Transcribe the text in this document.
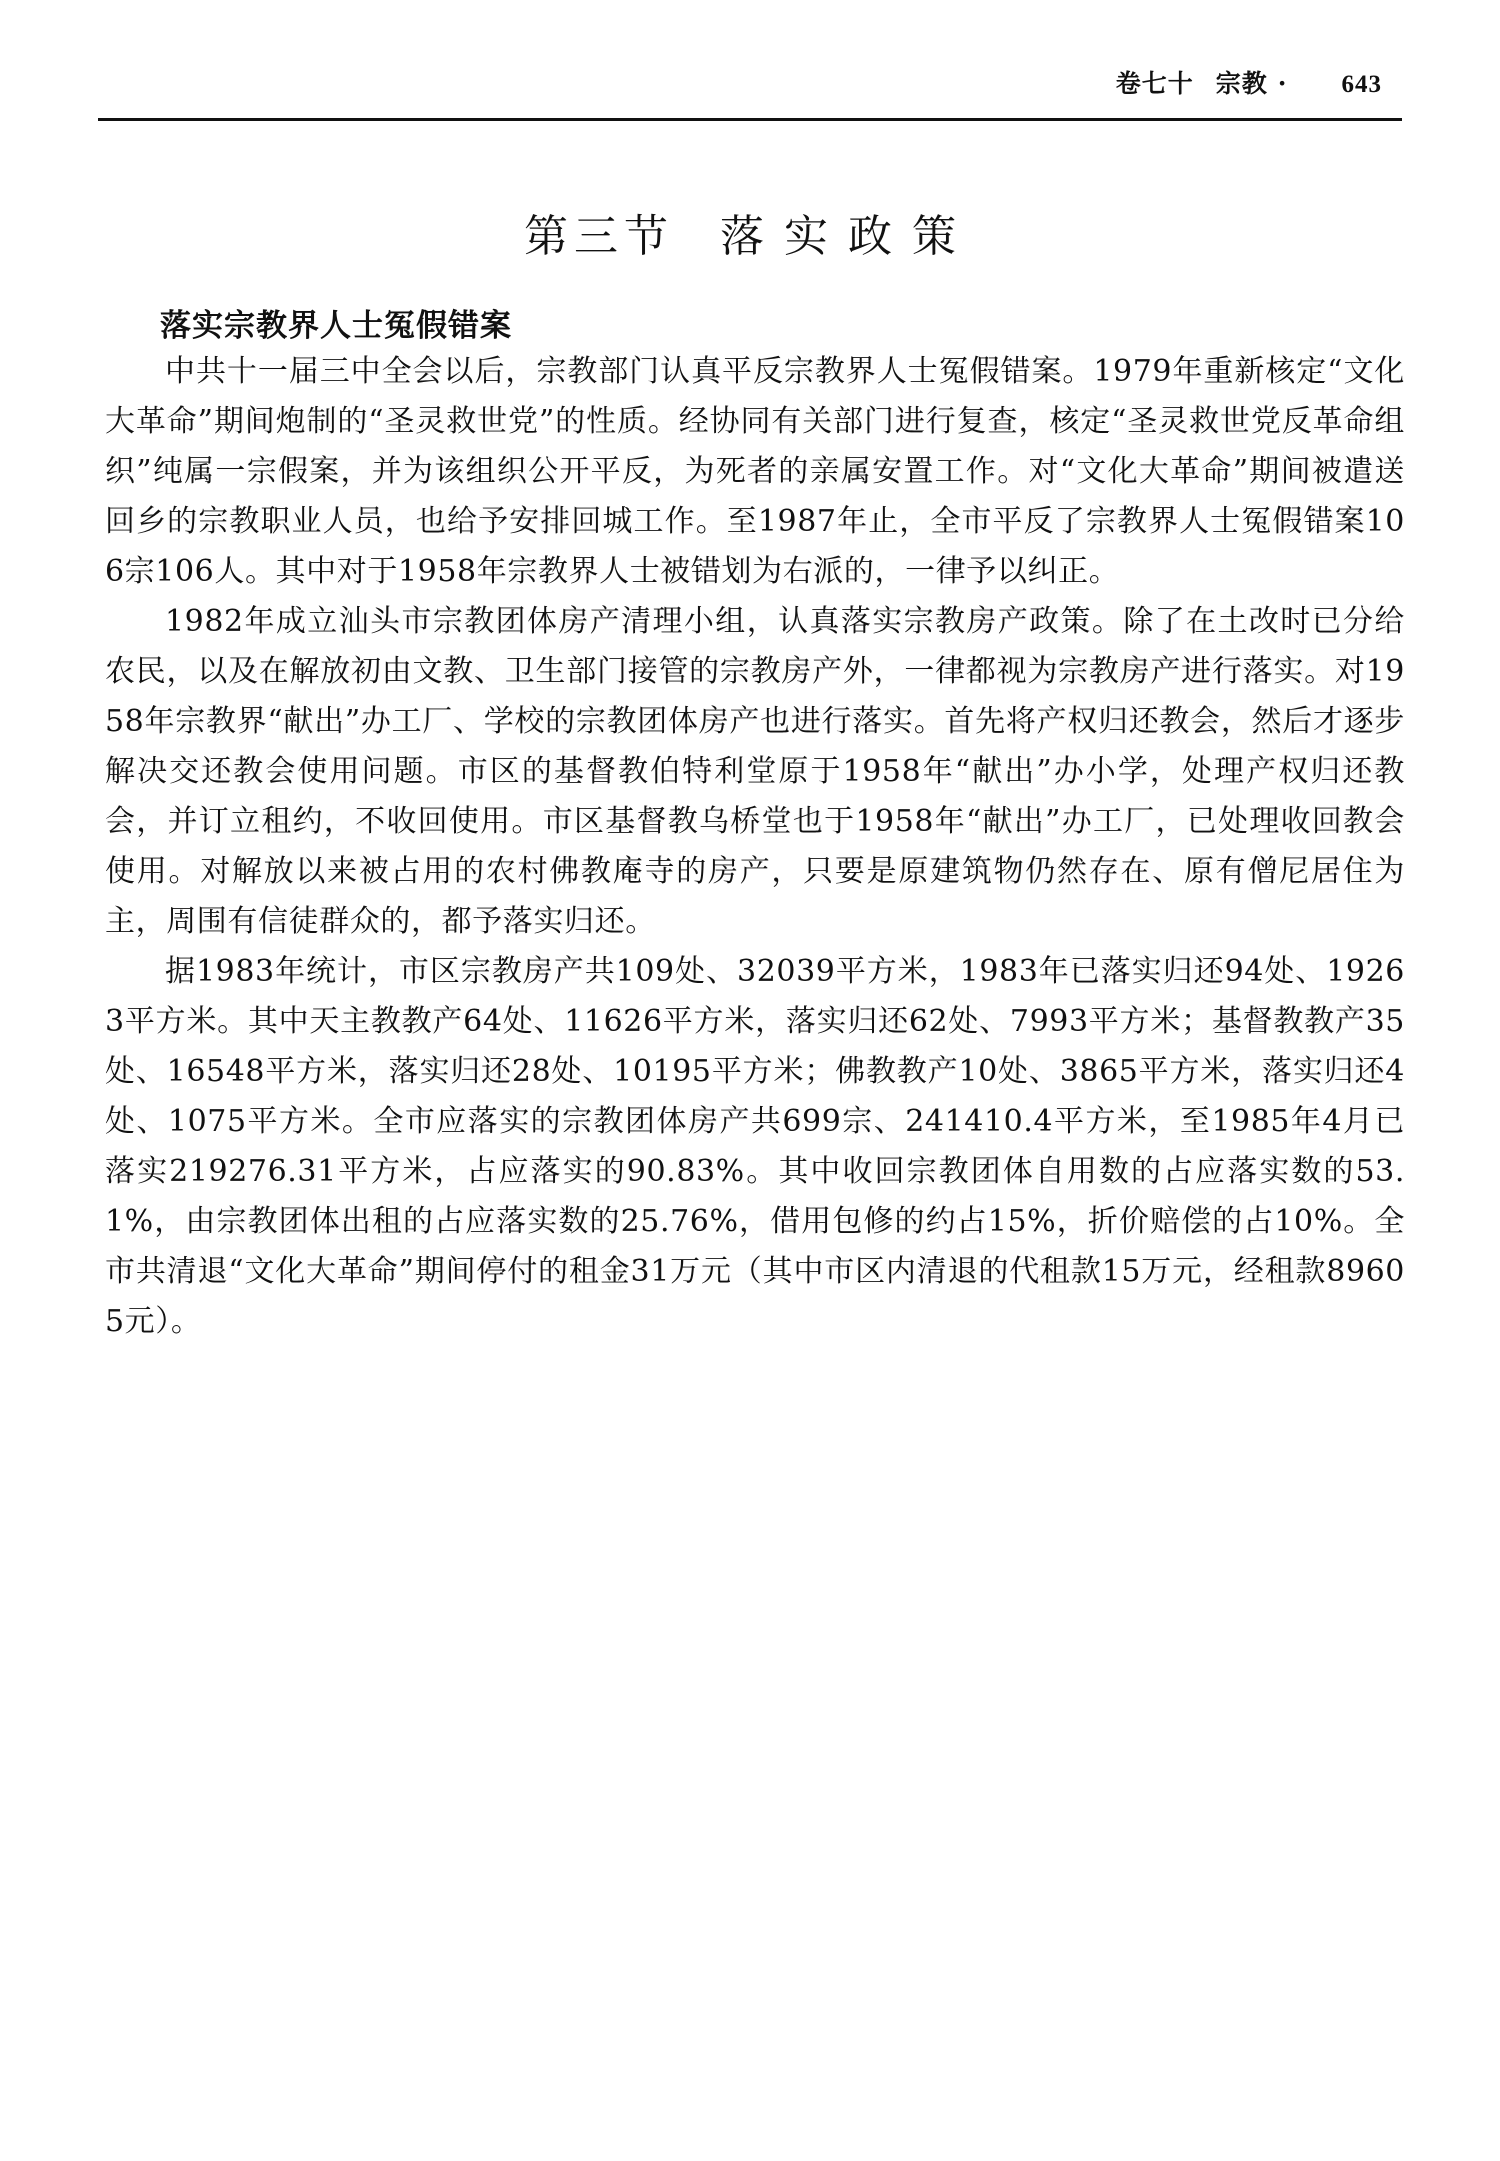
卷七十 宗教 · 643
第三节 落实政策
落实宗教界人士冤假错案

中共十一届三中全会以后，宗教部门认真平反宗教界人士冤假错案。1979年重新核定“文化大革命”期间炮制的“圣灵救世党”的性质。经协同有关部门进行复查，核定“圣灵救世党反革命组织”纯属一宗假案，并为该组织公开平反，为死者的亲属安置工作。对“文化大革命”期间被遣送回乡的宗教职业人员，也给予安排回城工作。至1987年止，全市平反了宗教界人士冤假错案106宗106人。其中对于1958年宗教界人士被错划为右派的，一律予以纠正。

1982年成立汕头市宗教团体房产清理小组，认真落实宗教房产政策。除了在土改时已分给农民，以及在解放初由文教、卫生部门接管的宗教房产外，一律都视为宗教房产进行落实。对1958年宗教界“献出”办工厂、学校的宗教团体房产也进行落实。首先将产权归还教会，然后才逐步解决交还教会使用问题。市区的基督教伯特利堂原于1958年“献出”办小学，处理产权归还教会，并订立租约，不收回使用。市区基督教乌桥堂也于1958年“献出”办工厂，已处理收回教会使用。对解放以来被占用的农村佛教庵寺的房产，只要是原建筑物仍然存在、原有僧尼居住为主，周围有信徒群众的，都予落实归还。

据1983年统计，市区宗教房产共109处、32039平方米，1983年已落实归还94处、19263平方米。其中天主教教产64处、11626平方米，落实归还62处、7993平方米；基督教教产35处、16548平方米，落实归还28处、10195平方米；佛教教产10处、3865平方米，落实归还4处、1075平方米。全市应落实的宗教团体房产共699宗、241410.4平方米，至1985年4月已落实219276.31平方米，占应落实的90.83%。其中收回宗教团体自用数的占应落实数的53.1%，由宗教团体出租的占应落实数的25.76%，借用包修的约占15%，折价赔偿的占10%。全市共清退“文化大革命”期间停付的租金31万元（其中市区内清退的代租款15万元，经租款89605元）。
